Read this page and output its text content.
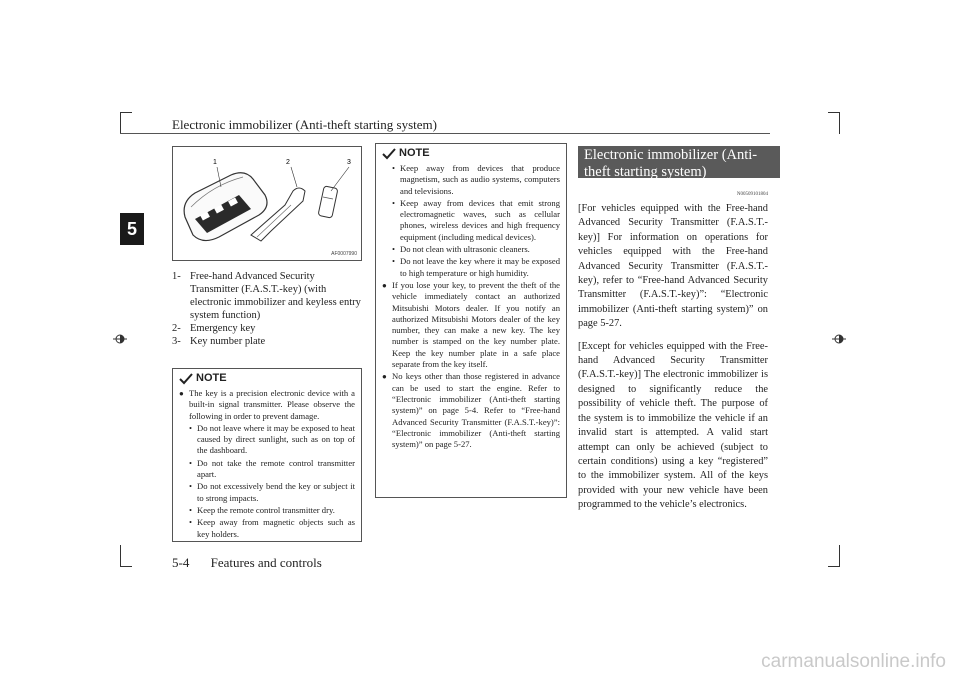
Electronic immobilizer (Anti-theft starting system)
5
1	2	3
AF0007990
1- Free-hand Advanced Security Transmitter (F.A.S.T.-key) (with electronic immobilizer and keyless entry system function)
2- Emergency key
3- Key number plate
NOTE
● The key is a precision electronic device with a built-in signal transmitter. Please observe the following in order to prevent damage.
• Do not leave where it may be exposed to heat caused by direct sunlight, such as on top of the dashboard.
• Do not take the remote control transmitter apart.
• Do not excessively bend the key or subject it to strong impacts.
• Keep the remote control transmitter dry.
• Keep away from magnetic objects such as key holders.
NOTE
• Keep away from devices that produce magnetism, such as audio systems, computers and televisions.
• Keep away from devices that emit strong electromagnetic waves, such as cellular phones, wireless devices and high frequency equipment (including medical devices).
• Do not clean with ultrasonic cleaners.
• Do not leave the key where it may be exposed to high temperature or high humidity.
● If you lose your key, to prevent the theft of the vehicle immediately contact an authorized Mitsubishi Motors dealer. If you notify an authorized Mitsubishi Motors dealer of the key number, they can make a new key. The key number is stamped on the key number plate. Keep the key number plate in a safe place separate from the key itself.
● No keys other than those registered in advance can be used to start the engine. Refer to “Electronic immobilizer (Anti-theft starting system)” on page 5-4. Refer to “Free-hand Advanced Security Transmitter (F.A.S.T.-key)”: “Electronic immobilizer (Anti-theft starting system)” on page 5-27.
Electronic immobilizer (Anti-theft starting system)
N00509101804

[For vehicles equipped with the Free-hand Advanced Security Transmitter (F.A.S.T.-key)] For information on operations for vehicles equipped with the Free-hand Advanced Security Transmitter (F.A.S.T.-key), refer to “Free-hand Advanced Security Transmitter (F.A.S.T.-key)”: “Electronic immobilizer (Anti-theft starting system)” on page 5-27.

[Except for vehicles equipped with the Free-hand Advanced Security Transmitter (F.A.S.T.-key)] The electronic immobilizer is designed to significantly reduce the possibility of vehicle theft. The purpose of the system is to immobilize the vehicle if an invalid start is attempted. A valid start attempt can only be achieved (subject to certain conditions) using a key “registered” to the immobilizer system. All of the keys provided with your new vehicle have been programmed to the vehicle’s electronics.

5-4 Features and controls
carmanualsonline.info
